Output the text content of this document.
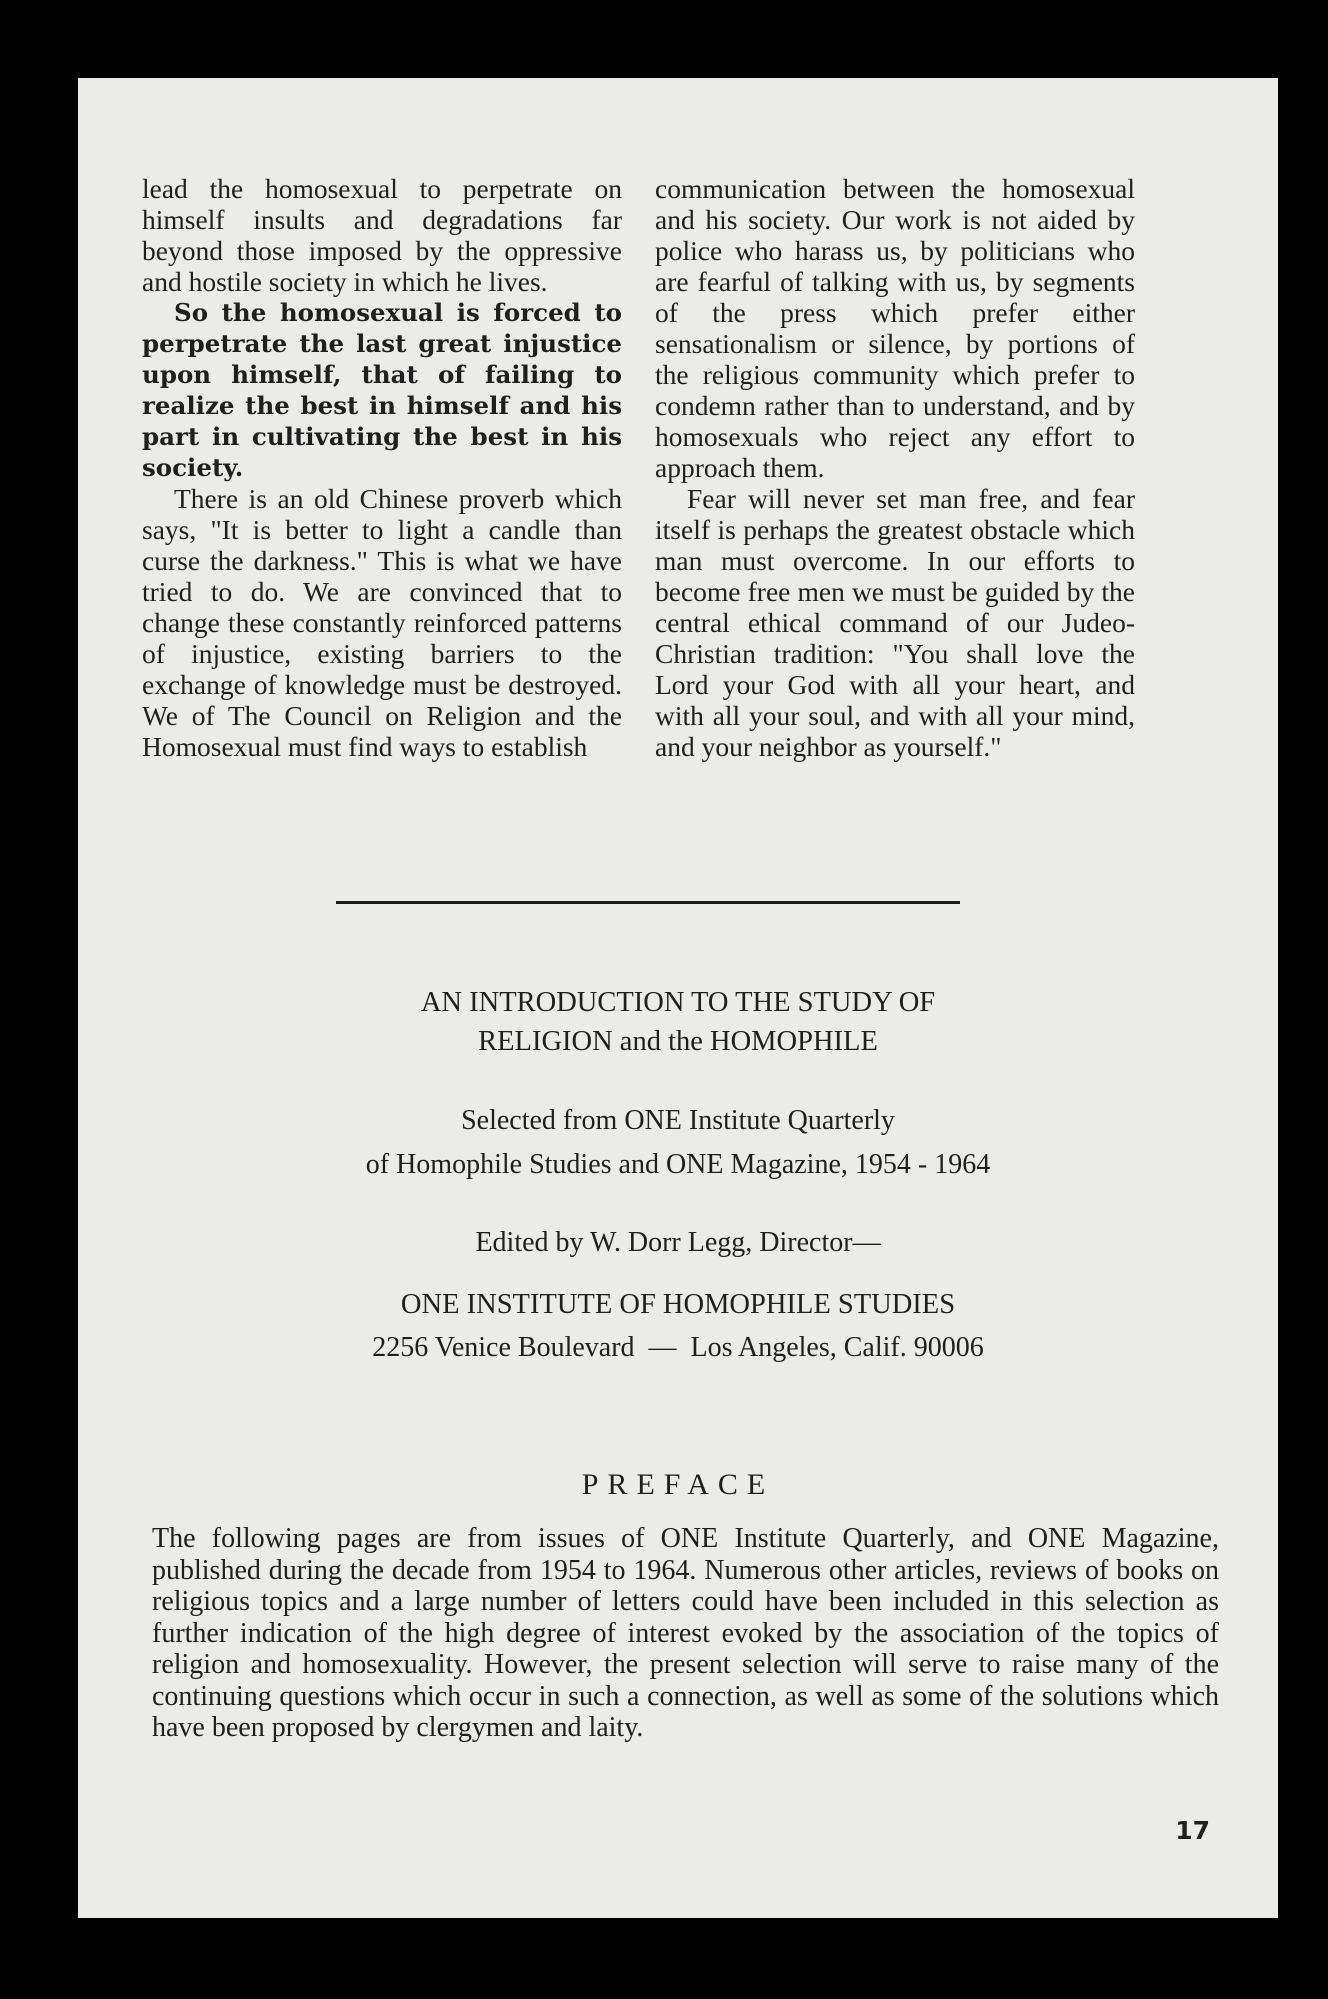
lead the homosexual to perpetrate on himself insults and degradations far beyond those imposed by the oppressive and hostile society in which he lives.

So the homosexual is forced to perpetrate the last great injustice upon himself, that of failing to realize the best in himself and his part in cultivating the best in his society.

There is an old Chinese proverb which says, "It is better to light a candle than curse the darkness." This is what we have tried to do. We are convinced that to change these constantly reinforced patterns of injustice, existing barriers to the exchange of knowledge must be destroyed. We of The Council on Religion and the Homosexual must find ways to establish

communication between the homosexual and his society. Our work is not aided by police who harass us, by politicians who are fearful of talking with us, by segments of the press which prefer either sensationalism or silence, by portions of the religious community which prefer to condemn rather than to understand, and by homosexuals who reject any effort to approach them.

Fear will never set man free, and fear itself is perhaps the greatest obstacle which man must overcome. In our efforts to become free men we must be guided by the central ethical command of our Judeo-Christian tradition: "You shall love the Lord your God with all your heart, and with all your soul, and with all your mind, and your neighbor as yourself."

AN INTRODUCTION TO THE STUDY OF

RELIGION and the HOMOPHILE

Selected from ONE Institute Quarterly

of Homophile Studies and ONE Magazine, 1954 - 1964

Edited by W. Dorr Legg, Director—

ONE INSTITUTE OF HOMOPHILE STUDIES

2256 Venice Boulevard  —  Los Angeles, Calif. 90006

PREFACE

The following pages are from issues of ONE Institute Quarterly, and ONE Magazine, published during the decade from 1954 to 1964. Numerous other articles, reviews of books on religious topics and a large number of letters could have been included in this selection as further indication of the high degree of interest evoked by the association of the topics of religion and homosexuality. However, the present selection will serve to raise many of the continuing questions which occur in such a connection, as well as some of the solutions which have been proposed by clergymen and laity.

17
